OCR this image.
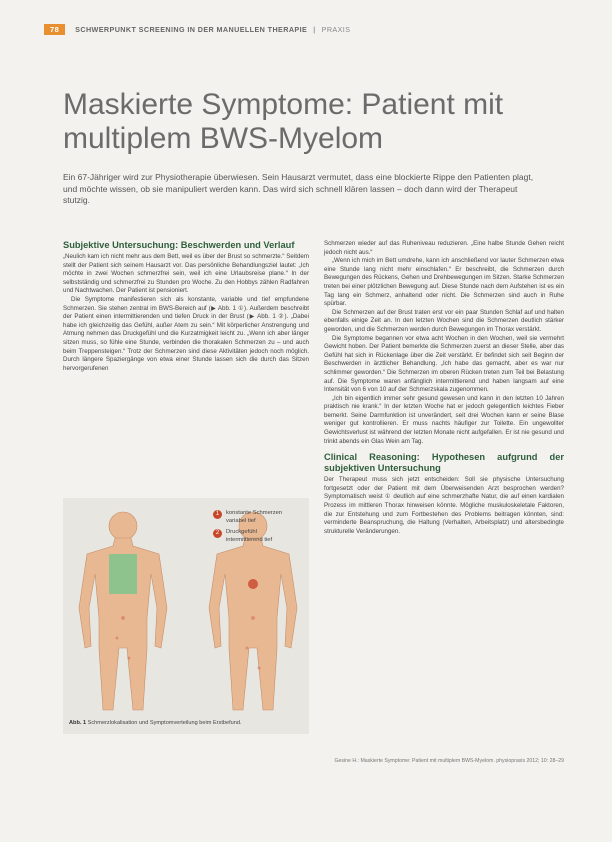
78	SCHWERPUNKT SCREENING IN DER MANUELLEN THERAPIE | PRAXIS
Maskierte Symptome: Patient mit multiplem BWS-Myelom

Ein 67-Jähriger wird zur Physiotherapie überwiesen. Sein Hausarzt vermutet, dass eine blockierte Rippe den Patienten plagt, und möchte wissen, ob sie manipuliert werden kann. Das wird sich schnell klären lassen – doch dann wird der Therapeut stutzig.

Subjektive Untersuchung: Beschwerden und Verlauf

„Neulich kam ich nicht mehr aus dem Bett, weil es über der Brust so schmerzte.“ Seitdem stellt der Patient sich seinem Hausarzt vor. Das persönliche Behandlungsziel lautet: „Ich möchte in zwei Wochen schmerzfrei sein, weil ich eine Urlaubsreise plane.“ In der selbstständig und schmerzfrei zu Stunden pro Woche. Zu den Hobbys zählen Radfahren und Nachtwachen. Der Patient ist pensioniert.

Die Symptome manifestieren sich als konstante, variable und tief empfundene Schmerzen. Sie stehen zentral im BWS-Bereich auf (▶ Abb. 1 ①). Außerdem beschreibt der Patient einen intermittierenden und tiefen Druck in der Brust (▶ Abb. 1 ②). „Dabei habe ich gleichzeitig das Gefühl, außer Atem zu sein.“ Mit körperlicher Anstrengung und Atmung nehmen das Druckgefühl und die Kurzatmigkeit leicht zu. „Wenn ich aber länger sitzen muss, so fühle eine Stunde, verbinden die thorakalen Schmerzen zu – und auch beim Treppensteigen.“ Trotz der Schmerzen sind diese Aktivitäten jedoch noch möglich. Durch längere Spaziergänge von etwa einer Stunde lassen sich die durch das Sitzen hervorgerufenen

1	konstante Schmerzen variabel tief
2	Druckgefühl intermittierend tief
Abb. 1 Schmerzlokalisation und Symptomverteilung beim Erstbefund.

Schmerzen wieder auf das Ruheniveau reduzieren. „Eine halbe Stunde Gehen reicht jedoch nicht aus.“

„Wenn ich mich im Bett umdrehe, kann ich anschließend vor lauter Schmerzen etwa eine Stunde lang nicht mehr einschlafen.“ Er beschreibt, die Schmerzen durch Bewegungen des Rückens, Gehen und Drehbewegungen im Sitzen. Starke Schmerzen treten bei einer plötzlichen Bewegung auf. Diese Stunde nach dem Aufstehen ist es ein Tag lang ein Schmerz, anhaltend oder nicht. Die Schmerzen sind auch in Ruhe spürbar.

Die Schmerzen auf der Brust traten erst vor ein paar Stunden Schlaf auf und halten ebenfalls einige Zeit an. In den letzten Wochen sind die Schmerzen deutlich stärker geworden, und die Schmerzen werden durch Bewegungen im Thorax verstärkt.

Die Symptome begannen vor etwa acht Wochen in den Wochen, weil sie vermehrt Gewicht hoben. Der Patient bemerkte die Schmerzen zuerst an dieser Stelle, aber das Gefühl hat sich in Rückenlage über die Zeit verstärkt. Er befindet sich seit Beginn der Beschwerden in ärztlicher Behandlung. „Ich habe das gemacht, aber es war nur schlimmer geworden.“ Die Schmerzen im oberen Rücken treten zum Teil bei Belastung auf. Die Symptome waren anfänglich intermittierend und haben langsam auf eine Intensität von 6 von 10 auf der Schmerzskala zugenommen.

„Ich bin eigentlich immer sehr gesund gewesen und kann in den letzten 10 Jahren praktisch nie krank.“ In der letzten Woche hat er jedoch gelegentlich leichtes Fieber bemerkt. Seine Darmfunktion ist unverändert, seit drei Wochen kann er seine Blase weniger gut kontrollieren. Er muss nachts häufiger zur Toilette. Ein ungewollter Gewichtsverlust ist während der letzten Monate nicht aufgefallen. Er ist nie gesund und trinkt abends ein Glas Wein am Tag.

Clinical Reasoning: Hypothesen aufgrund der subjektiven Untersuchung

Der Therapeut muss sich jetzt entscheiden: Soll sie physische Untersuchung fortgesetzt oder der Patient mit dem Überweisenden Arzt besprochen werden? Symptomatisch weist ① deutlich auf eine schmerzhafte Natur, die auf einen kardialen Prozess im mittleren Thorax hinweisen könnte. Mögliche muskuloskeletale Faktoren, die zur Entstehung und zum Fortbestehen des Problems beitragen könnten, sind: verminderte Beanspruchung, die Haltung (Verhalten, Arbeitsplatz) und altersbedingte strukturelle Veränderungen.

Gesine H.: Maskierte Symptome: Patient mit multiplem BWS-Myelom. physiopraxis 2012; 10: 28–29
